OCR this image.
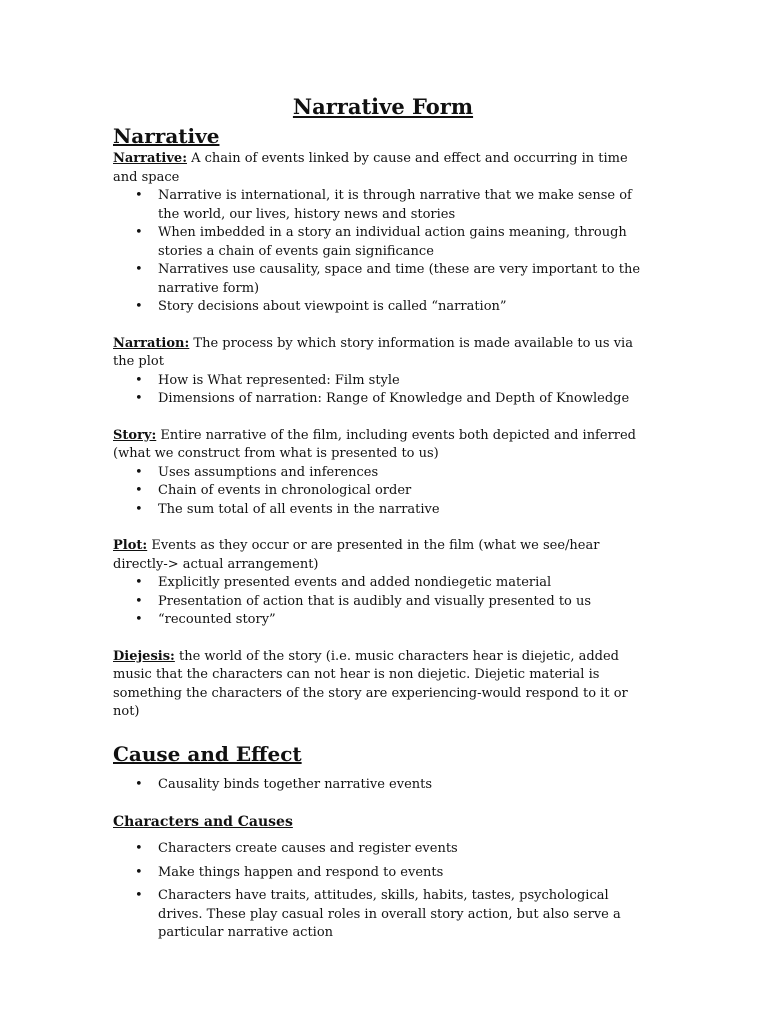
Narrative Form
Narrative

Narrative: A chain of events linked by cause and effect and occurring in time and space

• Narrative is international, it is through narrative that we make sense of the world, our lives, history news and stories
• When imbedded in a story an individual action gains meaning, through stories a chain of events gain significance
• Narratives use causality, space and time (these are very important to the narrative form)
• Story decisions about viewpoint is called “narration”

Narration: The process by which story information is made available to us via the plot

• How is What represented: Film style
• Dimensions of narration: Range of Knowledge and Depth of Knowledge

Story: Entire narrative of the film, including events both depicted and inferred (what we construct from what is presented to us)

• Uses assumptions and inferences
• Chain of events in chronological order
• The sum total of all events in the narrative

Plot: Events as they occur or are presented in the film (what we see/hear directly-> actual arrangement)

• Explicitly presented events and added nondiegetic material
• Presentation of action that is audibly and visually presented to us
• “recounted story”

Diejesis: the world of the story (i.e. music characters hear is diejetic, added music that the characters can not hear is non diejetic. Diejetic material is something the characters of the story are experiencing-would respond to it or not)

Cause and Effect
• Causality binds together narrative events
Characters and Causes
• Characters create causes and register events
• Make things happen and respond to events
• Characters have traits, attitudes, skills, habits, tastes, psychological drives. These play casual roles in overall story action, but also serve a particular narrative action
